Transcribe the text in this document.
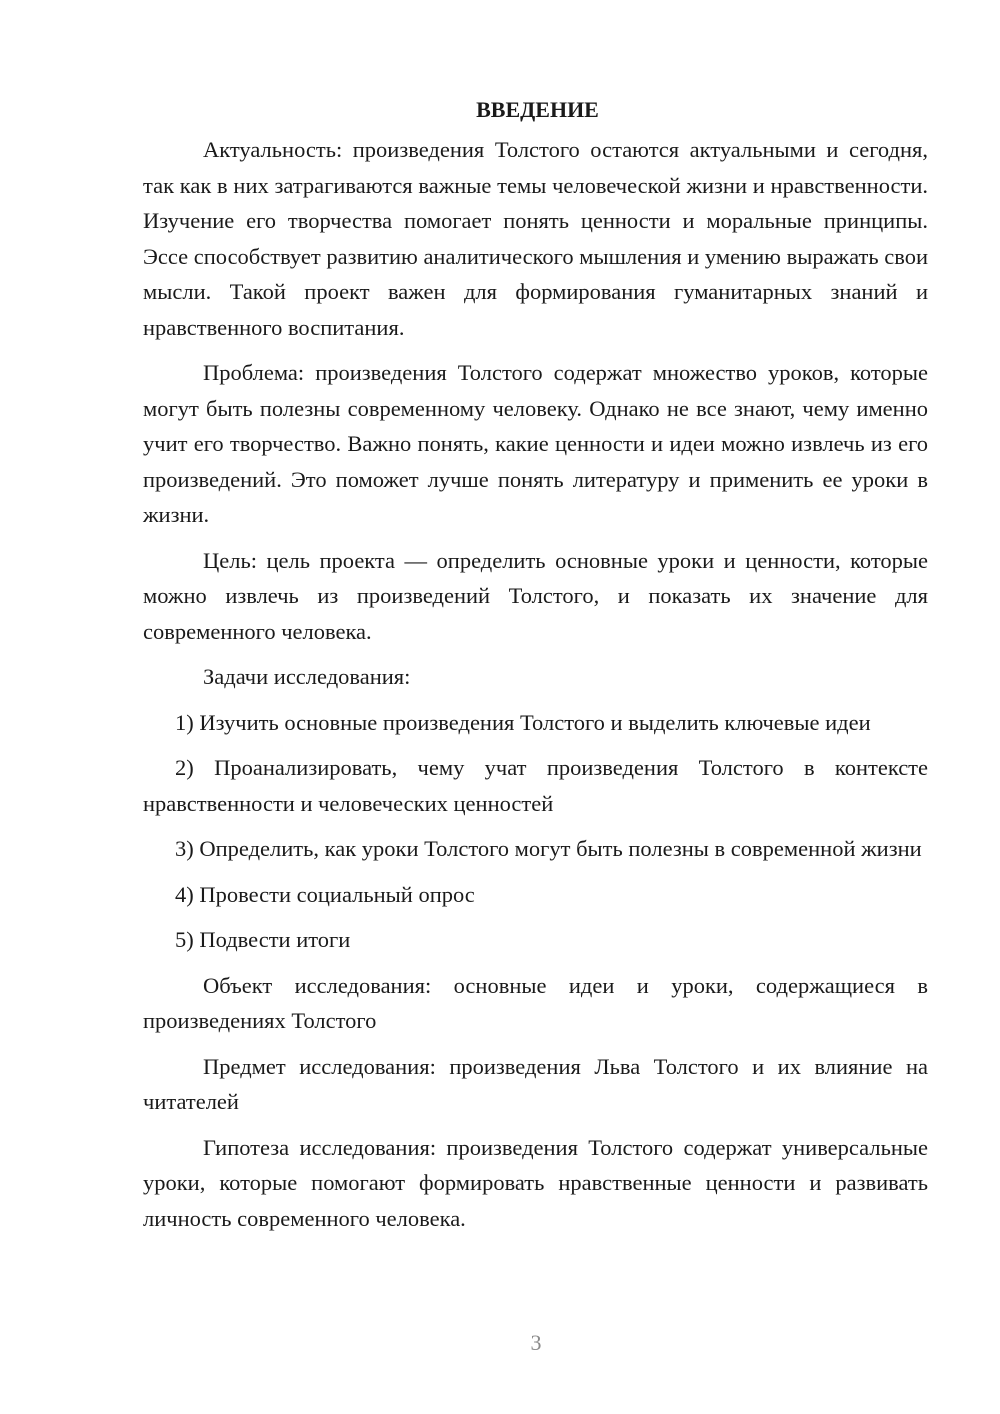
ВВЕДЕНИЕ

Актуальность: произведения Толстого остаются актуальными и сегодня, так как в них затрагиваются важные темы человеческой жизни и нравственности. Изучение его творчества помогает понять ценности и моральные принципы. Эссе способствует развитию аналитического мышления и умению выражать свои мысли. Такой проект важен для формирования гуманитарных знаний и нравственного воспитания.

Проблема: произведения Толстого содержат множество уроков, которые могут быть полезны современному человеку. Однако не все знают, чему именно учит его творчество. Важно понять, какие ценности и идеи можно извлечь из его произведений. Это поможет лучше понять литературу и применить ее уроки в жизни.

Цель: цель проекта — определить основные уроки и ценности, которые можно извлечь из произведений Толстого, и показать их значение для современного человека.

Задачи исследования:

1) Изучить основные произведения Толстого и выделить ключевые идеи

2) Проанализировать, чему учат произведения Толстого в контексте нравственности и человеческих ценностей

3) Определить, как уроки Толстого могут быть полезны в современной жизни

4) Провести социальный опрос

5) Подвести итоги

Объект исследования: основные идеи и уроки, содержащиеся в произведениях Толстого

Предмет исследования: произведения Льва Толстого и их влияние на читателей

Гипотеза исследования: произведения Толстого содержат универсальные уроки, которые помогают формировать нравственные ценности и развивать личность современного человека.

3
